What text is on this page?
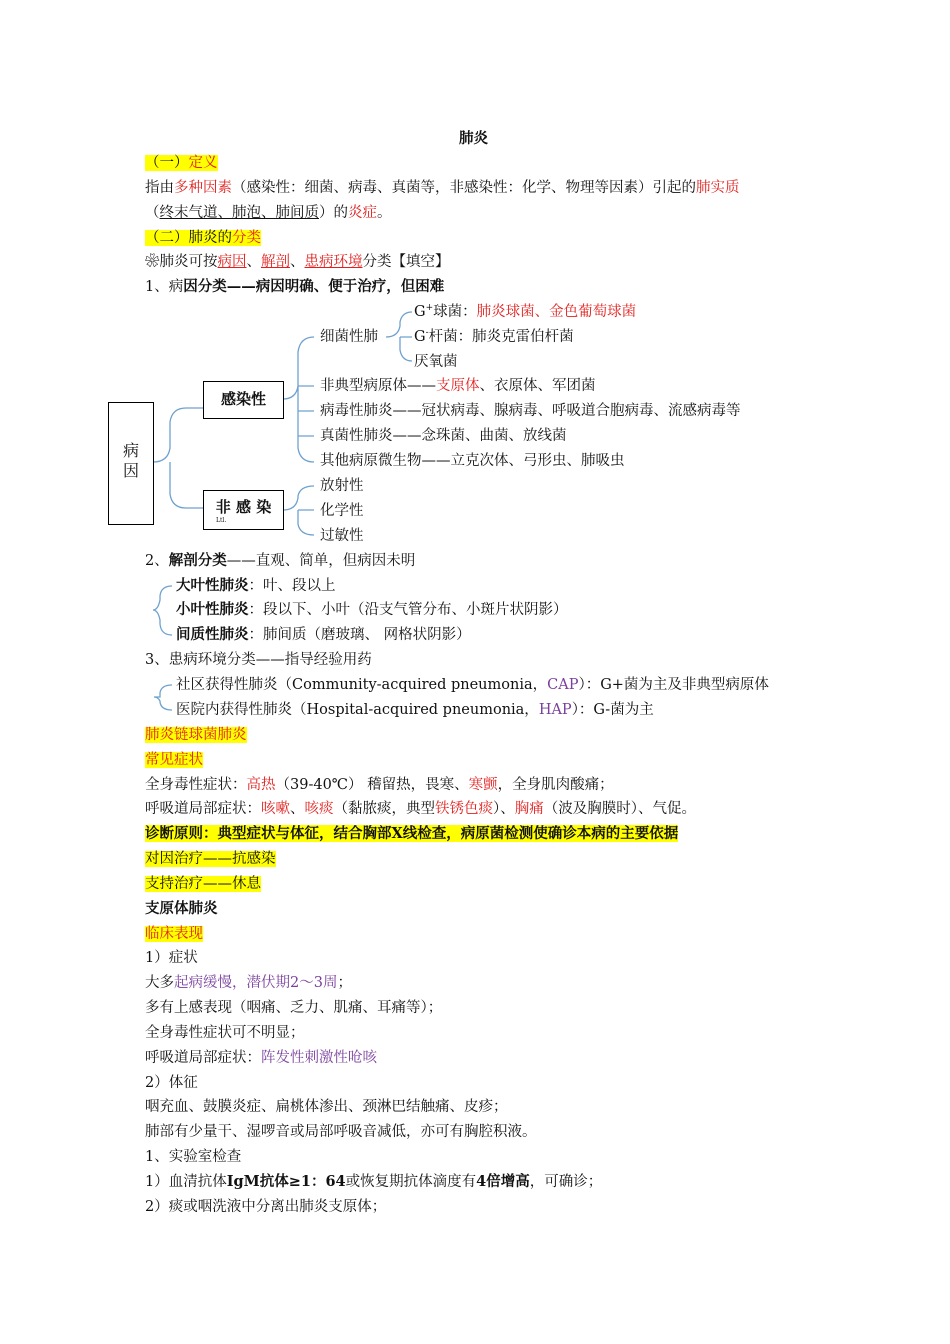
肺炎
（一）定义
指由多种因素（感染性：细菌、病毒、真菌等，非感染性：化学、物理等因素）引起的肺实质
（终末气道、肺泡、肺间质）的炎症。
（二）肺炎的分类
❀肺炎可按病因、解剖、患病环境分类【填空】
1、病因分类——病因明确、便于治疗，但困难
病因
感染性
非 感 染
Ltl.
细菌性肺
G+球菌：肺炎球菌、金色葡萄球菌
G-杆菌：肺炎克雷伯杆菌
厌氧菌
非典型病原体——支原体、衣原体、军团菌
病毒性肺炎——冠状病毒、腺病毒、呼吸道合胞病毒、流感病毒等
真菌性肺炎——念珠菌、曲菌、放线菌
其他病原微生物——立克次体、弓形虫、肺吸虫
放射性
化学性
过敏性
2、解剖分类——直观、简单，但病因未明
大叶性肺炎：叶、段以上
小叶性肺炎：段以下、小叶（沿支气管分布、小斑片状阴影）
间质性肺炎：肺间质（磨玻璃、 网格状阴影）
3、患病环境分类——指导经验用药
社区获得性肺炎（Community-acquired pneumonia，CAP）：G+菌为主及非典型病原体
医院内获得性肺炎（Hospital-acquired pneumonia，HAP）：G-菌为主
肺炎链球菌肺炎
常见症状
全身毒性症状：高热（39-40℃） 稽留热，畏寒、寒颤，全身肌肉酸痛；
呼吸道局部症状：咳嗽、咳痰（黏脓痰，典型铁锈色痰）、胸痛（波及胸膜时）、气促。
诊断原则：典型症状与体征，结合胸部X线检查，病原菌检测使确诊本病的主要依据
对因治疗——抗感染
支持治疗——休息
支原体肺炎
临床表现
1）症状
大多起病缓慢，潜伏期2～3周；
多有上感表现（咽痛、乏力、肌痛、耳痛等）；
全身毒性症状可不明显；
呼吸道局部症状：阵发性刺激性呛咳
2）体征
咽充血、鼓膜炎症、扁桃体渗出、颈淋巴结触痛、皮疹；
肺部有少量干、湿啰音或局部呼吸音减低，亦可有胸腔积液。
1、实验室检查
1）血清抗体IgM抗体≥1：64或恢复期抗体滴度有4倍增高，可确诊；
2）痰或咽洗液中分离出肺炎支原体；
